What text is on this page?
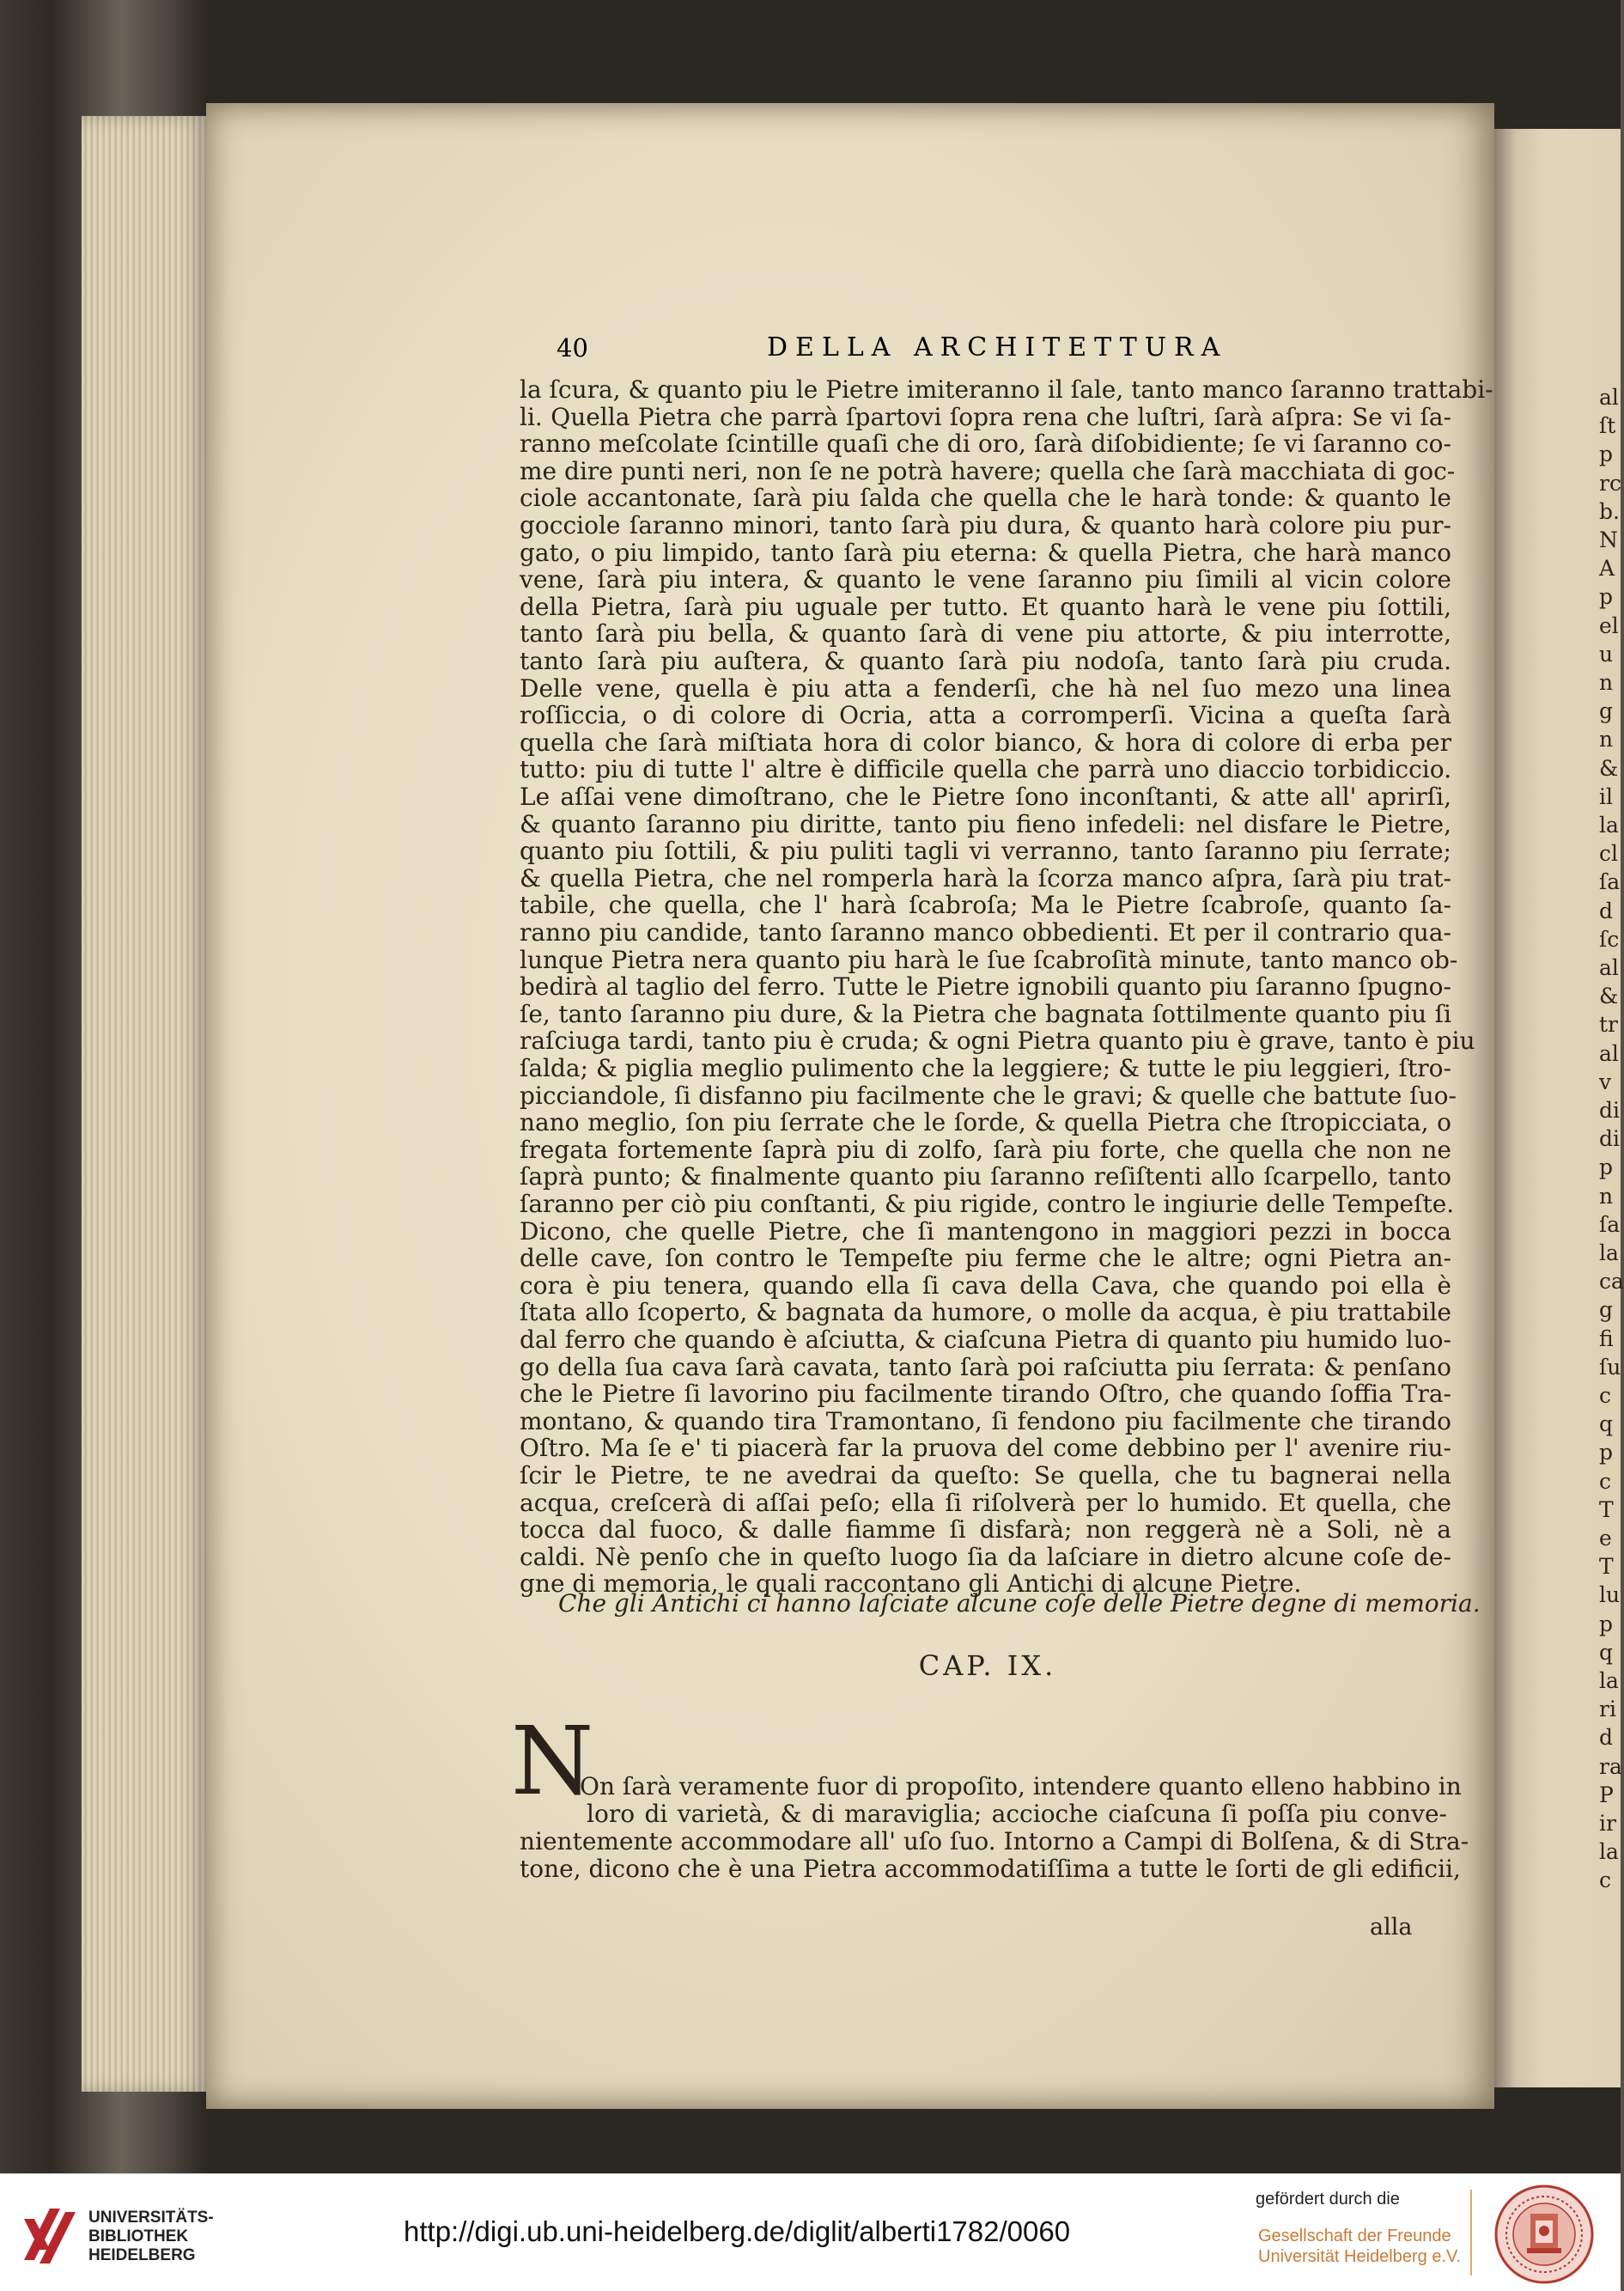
40	DELLA ARCHITETTURA
la ſcura, & quanto piu le Pietre imiteranno il ſale, tanto manco ſaranno trattabi-
li. Quella Pietra che parrà ſpartovi ſopra rena che luſtri, ſarà aſpra: Se vi ſa-
ranno meſcolate ſcintille quaſi che di oro, ſarà diſobidiente; ſe vi ſaranno co-
me dire punti neri, non ſe ne potrà havere; quella che ſarà macchiata di goc-
ciole accantonate, ſarà piu ſalda che quella che le harà tonde: & quanto le
gocciole ſaranno minori, tanto ſarà piu dura, & quanto harà colore piu pur-
gato, o piu limpido, tanto ſarà piu eterna: & quella Pietra, che harà manco
vene, ſarà piu intera, & quanto le vene ſaranno piu ſimili al vicin colore
della Pietra, ſarà piu uguale per tutto. Et quanto harà le vene piu ſottili,
tanto ſarà piu bella, & quanto ſarà di vene piu attorte, & piu interrotte,
tanto ſarà piu auſtera, & quanto ſarà piu nodoſa, tanto ſarà piu cruda.
Delle vene, quella è piu atta a fenderſi, che hà nel ſuo mezo una linea
roſſiccia, o di colore di Ocria, atta a corromperſi. Vicina a queſta ſarà
quella che ſarà miſtiata hora di color bianco, & hora di colore di erba per
tutto: piu di tutte l' altre è difficile quella che parrà uno diaccio torbidiccio.
Le aſſai vene dimoſtrano, che le Pietre ſono inconſtanti, & atte all' aprirſi,
& quanto ſaranno piu diritte, tanto piu fieno infedeli: nel disfare le Pietre,
quanto piu ſottili, & piu puliti tagli vi verranno, tanto ſaranno piu ſerrate;
& quella Pietra, che nel romperla harà la ſcorza manco aſpra, ſarà piu trat-
tabile, che quella, che l' harà ſcabroſa; Ma le Pietre ſcabroſe, quanto ſa-
ranno piu candide, tanto ſaranno manco obbedienti. Et per il contrario qua-
lunque Pietra nera quanto piu harà le ſue ſcabroſità minute, tanto manco ob-
bedirà al taglio del ferro. Tutte le Pietre ignobili quanto piu ſaranno ſpugno-
ſe, tanto ſaranno piu dure, & la Pietra che bagnata ſottilmente quanto piu ſi
raſciuga tardi, tanto piu è cruda; & ogni Pietra quanto piu è grave, tanto è piu
ſalda; & piglia meglio pulimento che la leggiere; & tutte le piu leggieri, ſtro-
picciandole, ſi disfanno piu facilmente che le gravi; & quelle che battute ſuo-
nano meglio, ſon piu ſerrate che le ſorde, & quella Pietra che ſtropicciata, o
fregata fortemente ſaprà piu di zolfo, ſarà piu forte, che quella che non ne
ſaprà punto; & finalmente quanto piu ſaranno reſiſtenti allo ſcarpello, tanto
ſaranno per ciò piu conſtanti, & piu rigide, contro le ingiurie delle Tempeſte.
Dicono, che quelle Pietre, che ſi mantengono in maggiori pezzi in bocca
delle cave, ſon contro le Tempeſte piu ferme che le altre; ogni Pietra an-
cora è piu tenera, quando ella ſi cava della Cava, che quando poi ella è
ſtata allo ſcoperto, & bagnata da humore, o molle da acqua, è piu trattabile
dal ferro che quando è aſciutta, & ciaſcuna Pietra di quanto piu humido luo-
go della ſua cava ſarà cavata, tanto ſarà poi raſciutta piu ſerrata: & penſano
che le Pietre ſi lavorino piu facilmente tirando Oſtro, che quando ſoffia Tra-
montano, & quando tira Tramontano, ſi fendono piu facilmente che tirando
Oſtro. Ma ſe e' ti piacerà far la pruova del come debbino per l' avenire riu-
ſcir le Pietre, te ne avedrai da queſto: Se quella, che tu bagnerai nella
acqua, creſcerà di aſſai peſo; ella ſi riſolverà per lo humido. Et quella, che
tocca dal fuoco, & dalle fiamme ſi disfarà; non reggerà nè a Soli, nè a
caldi. Nè penſo che in queſto luogo ſia da laſciare in dietro alcune coſe de-
gne di memoria, le quali raccontano gli Antichi di alcune Pietre.
Che gli Antichi ci hanno laſciate alcune coſe delle Pietre degne di memoria.
CAP. IX.
N
On ſarà veramente fuor di propoſito, intendere quanto elleno habbino in
loro di varietà, & di maraviglia; accioche ciaſcuna ſi poſſa piu conve-
nientemente accommodare all' uſo ſuo. Intorno a Campi di Bolſena, & di Stra-
tone, dicono che è una Pietra accommodatiſſima a tutte le ſorti de gli edificii,
alla
al
ſt
p
rc
b.
N
A
p
el
u
n
g
n
&
il
la
cl
ſa
d
ſc
al
&
tr
al
v
di
di
p
n
ſa
la
ca
g
fi
ſu
c
q
p
c
T
e
T
lu
p
q
la
ri
d
ra
P
ir
la
c
UNIVERSITÄTS-
BIBLIOTHEK
HEIDELBERG
http://digi.ub.uni-heidelberg.de/diglit/alberti1782/0060
gefördert durch die
Gesellschaft der Freunde
Universität Heidelberg e.V.
